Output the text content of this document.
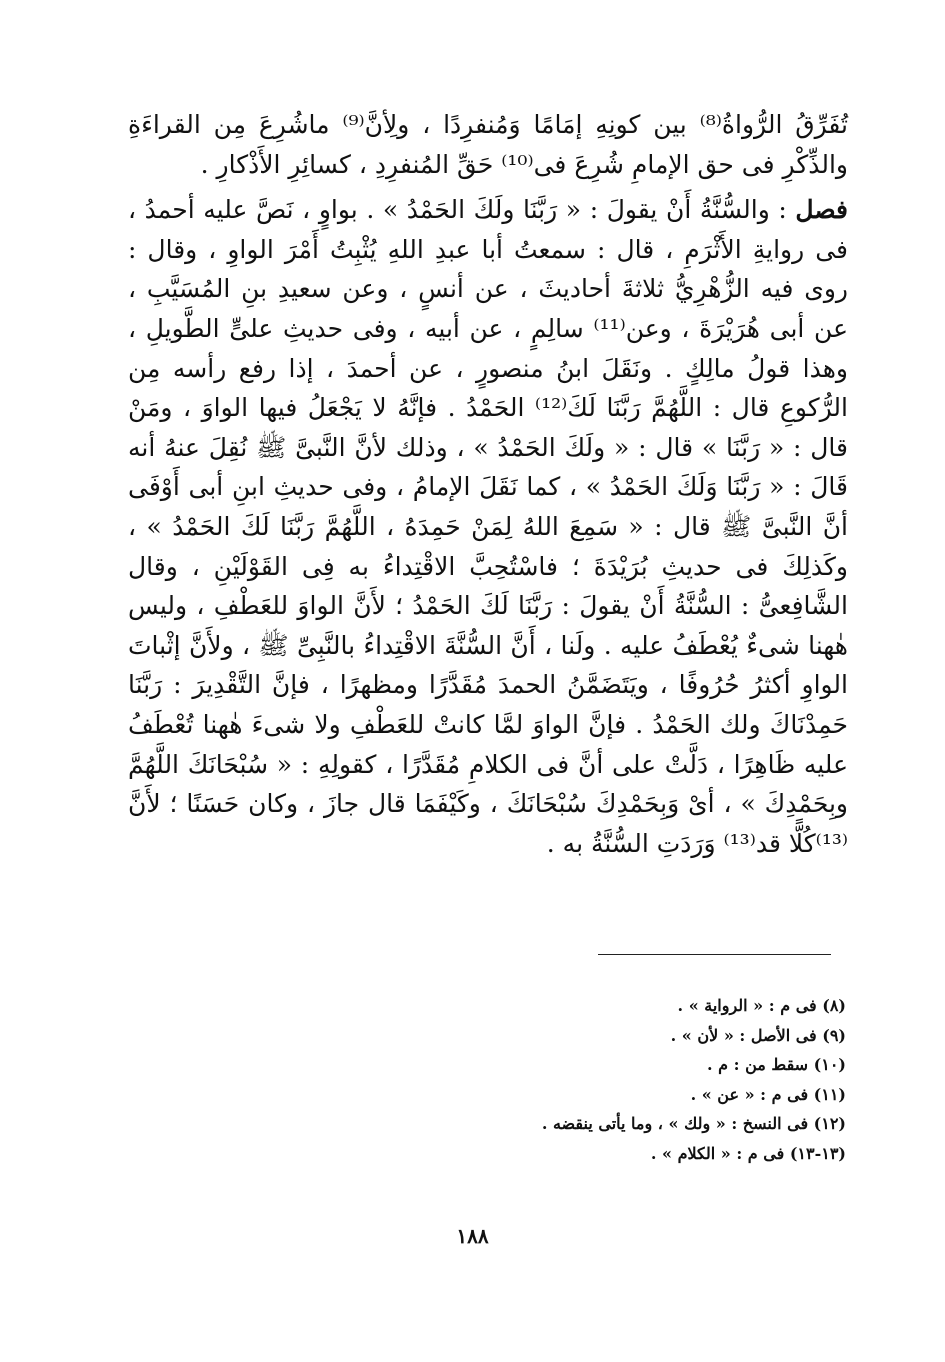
تُفَرِّقُ الرُّواةُ⁽⁸⁾ بين كونِهِ إمَامًا وَمُنفرِدًا ، ولِأنَّ⁽⁹⁾ ماشُرِعَ مِن القراءَةِ والذِّكْرِ فى حق الإمامِ شُرِعَ فى⁽¹⁰⁾ حَقِّ المُنفرِدِ ، كسائِرِ الأَذْكارِ .

فصل : والسُّنَّةُ أَنْ يقولَ : « رَبَّنَا ولَكَ الحَمْدُ » . بواوٍ ، نَصَّ عليه أحمدُ ، فى روايةِ الأَثْرَمِ ، قال : سمعتُ أبا عبدِ اللهِ يُثْبِتُ أَمْرَ الواوِ ، وقال : روى فيه الزُّهْرِيُّ ثلاثةَ أحاديثَ ، عن أنسٍ ، وعن سعيدِ بنِ المُسَيَّبِ ، عن أبى هُرَيْرَةَ ، وعن⁽¹¹⁾ سالِمٍ ، عن أبيه ، وفى حديثِ علىٍّ الطَّويلِ ، وهذا قولُ مالِكٍ . ونَقَلَ ابنُ منصورٍ ، عن أحمدَ ، إذا رفع رأسه مِن الرُّكوعِ قال : اللَّهُمَّ رَبَّنَا لَكَ⁽¹²⁾ الحَمْدُ . فإنَّهُ لا يَجْعَلُ فيها الواوَ ، ومَنْ قال : « رَبَّنَا » قال : « ولَكَ الحَمْدُ » ، وذلك لأنَّ النَّبىَّ ﷺ نُقِلَ عنهُ أنه قَالَ : « رَبَّنَا وَلَكَ الحَمْدُ » ، كما نَقَلَ الإمامُ ، وفى حديثِ ابنِ أبى أَوْفَى أنَّ النَّبىَّ ﷺ قال : « سَمِعَ اللهُ لِمَنْ حَمِدَهُ ، اللَّهُمَّ رَبَّنَا لَكَ الحَمْدُ » ، وكَذلِكَ فى حديثِ بُرَيْدَةَ ؛ فاسْتُحِبَّ الاقْتِداءُ به فِى القَوْلَيْنِ ، وقال الشَّافِعىُّ : السُّنَّةُ أَنْ يقولَ : رَبَّنَا لَكَ الحَمْدُ ؛ لأَنَّ الواوَ للعَطْفِ ، وليس هٰهنا شىءٌ يُعْطَفُ عليه . ولَنا ، أَنَّ السُّنَّةَ الاقْتِداءُ بالنَّبِىِّ ﷺ ، ولأَنَّ إثْباتَ الواوِ أكثرُ حُرُوفًا ، ويَتَضَمَّنُ الحمدَ مُقَدَّرًا ومظهرًا ، فإنَّ التَّقْدِيرَ : رَبَّنَا حَمِدْنَاكَ ولك الحَمْدُ . فإنَّ الواوَ لمَّا كانتْ للعَطْفِ ولا شىءَ هٰهنا تُعْطَفُ عليه ظَاهِرًا ، دَلَّتْ على أنَّ فى الكلامِ مُقَدَّرًا ، كقولِهِ : « سُبْحَانَكَ اللَّهُمَّ وبِحَمْدِكَ » ، أىْ وَبِحَمْدِكَ سُبْحَانَكَ ، وكَيْفَمَا قال جازَ ، وكان حَسَنًا ؛ لأَنَّ ⁽¹³⁾كُلًّا قد⁽¹³⁾ وَرَدَتِ السُّنَّةُ به .

(٨) فى م : « الرواية » .
(٩) فى الأصل : « لأن » .
(١٠) سقط من : م .
(١١) فى م : « عن » .
(١٢) فى النسخ : « ولك » ، وما يأتى ينقضه .
(١٣-١٣) فى م : « الكلام » .
١٨٨
